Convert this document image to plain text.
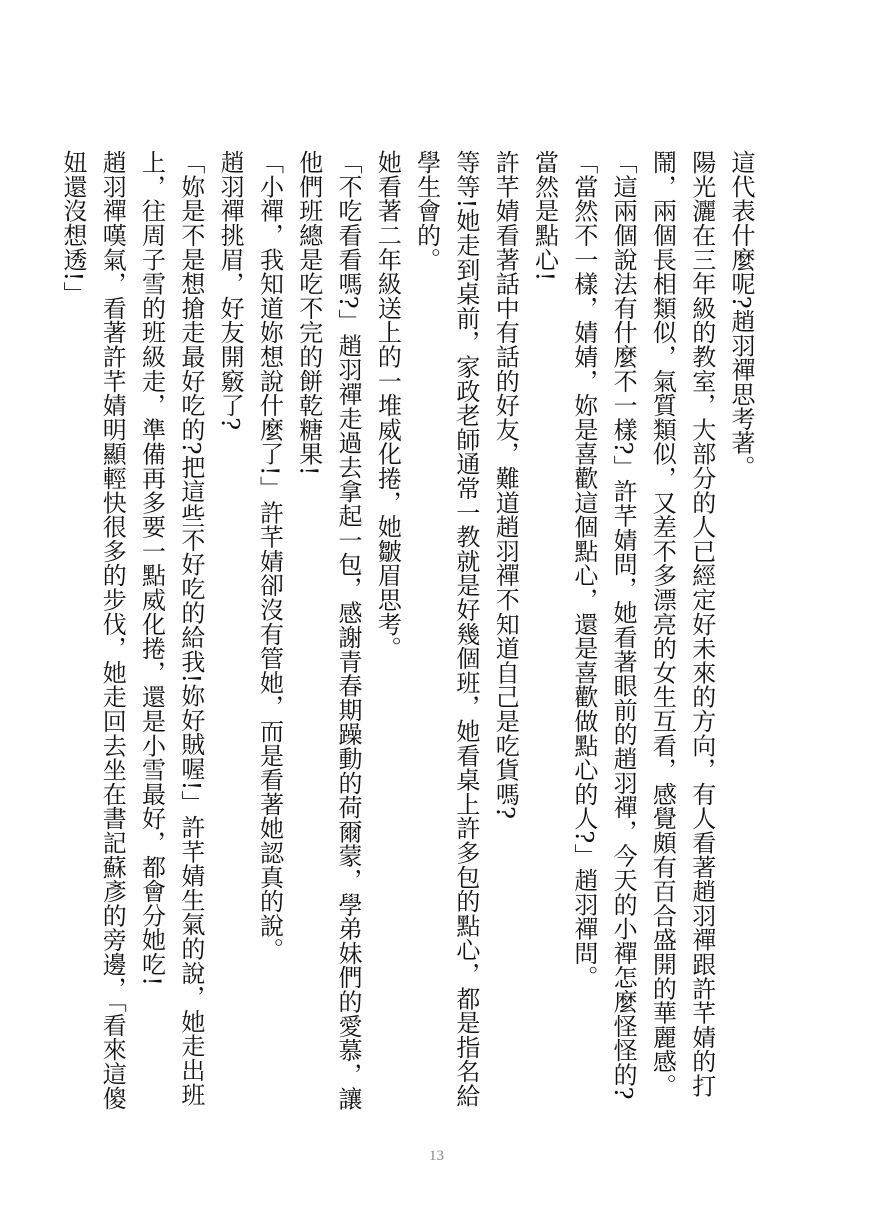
這代表什麼呢?趙羽禪思考著。

陽光灑在三年級的教室，大部分的人已經定好未來的方向，有人看著趙羽禪跟許芊婧的打鬧，兩個長相類似，氣質類似，又差不多漂亮的女生互看，感覺頗有百合盛開的華麗感。

「這兩個說法有什麼不一樣?」許芊婧問，她看著眼前的趙羽禪，今天的小禪怎麼怪怪的?

「當然不一樣，婧婧，妳是喜歡這個點心，還是喜歡做點心的人?」趙羽禪問。

當然是點心!

許芊婧看著話中有話的好友，難道趙羽禪不知道自己是吃貨嗎?

等等!她走到桌前，家政老師通常一教就是好幾個班，她看桌上許多包的點心，都是指名給學生會的。

她看著二年級送上的一堆威化捲，她皺眉思考。

「不吃看看嗎?」趙羽禪走過去拿起一包，感謝青春期躁動的荷爾蒙，學弟妹們的愛慕，讓他們班總是吃不完的餅乾糖果!

「小禪，我知道妳想說什麼了!」許芊婧卻沒有管她，而是看著她認真的說。

趙羽禪挑眉，好友開竅了?

「妳是不是想搶走最好吃的?把這些不好吃的給我!妳好賊喔!」許芊婧生氣的說，她走出班上，往周子雪的班級走，準備再多要一點威化捲，還是小雪最好，都會分她吃!

趙羽禪嘆氣，看著許芊婧明顯輕快很多的步伐，她走回去坐在書記蘇彥的旁邊，「看來這傻妞還沒想透!」

13
